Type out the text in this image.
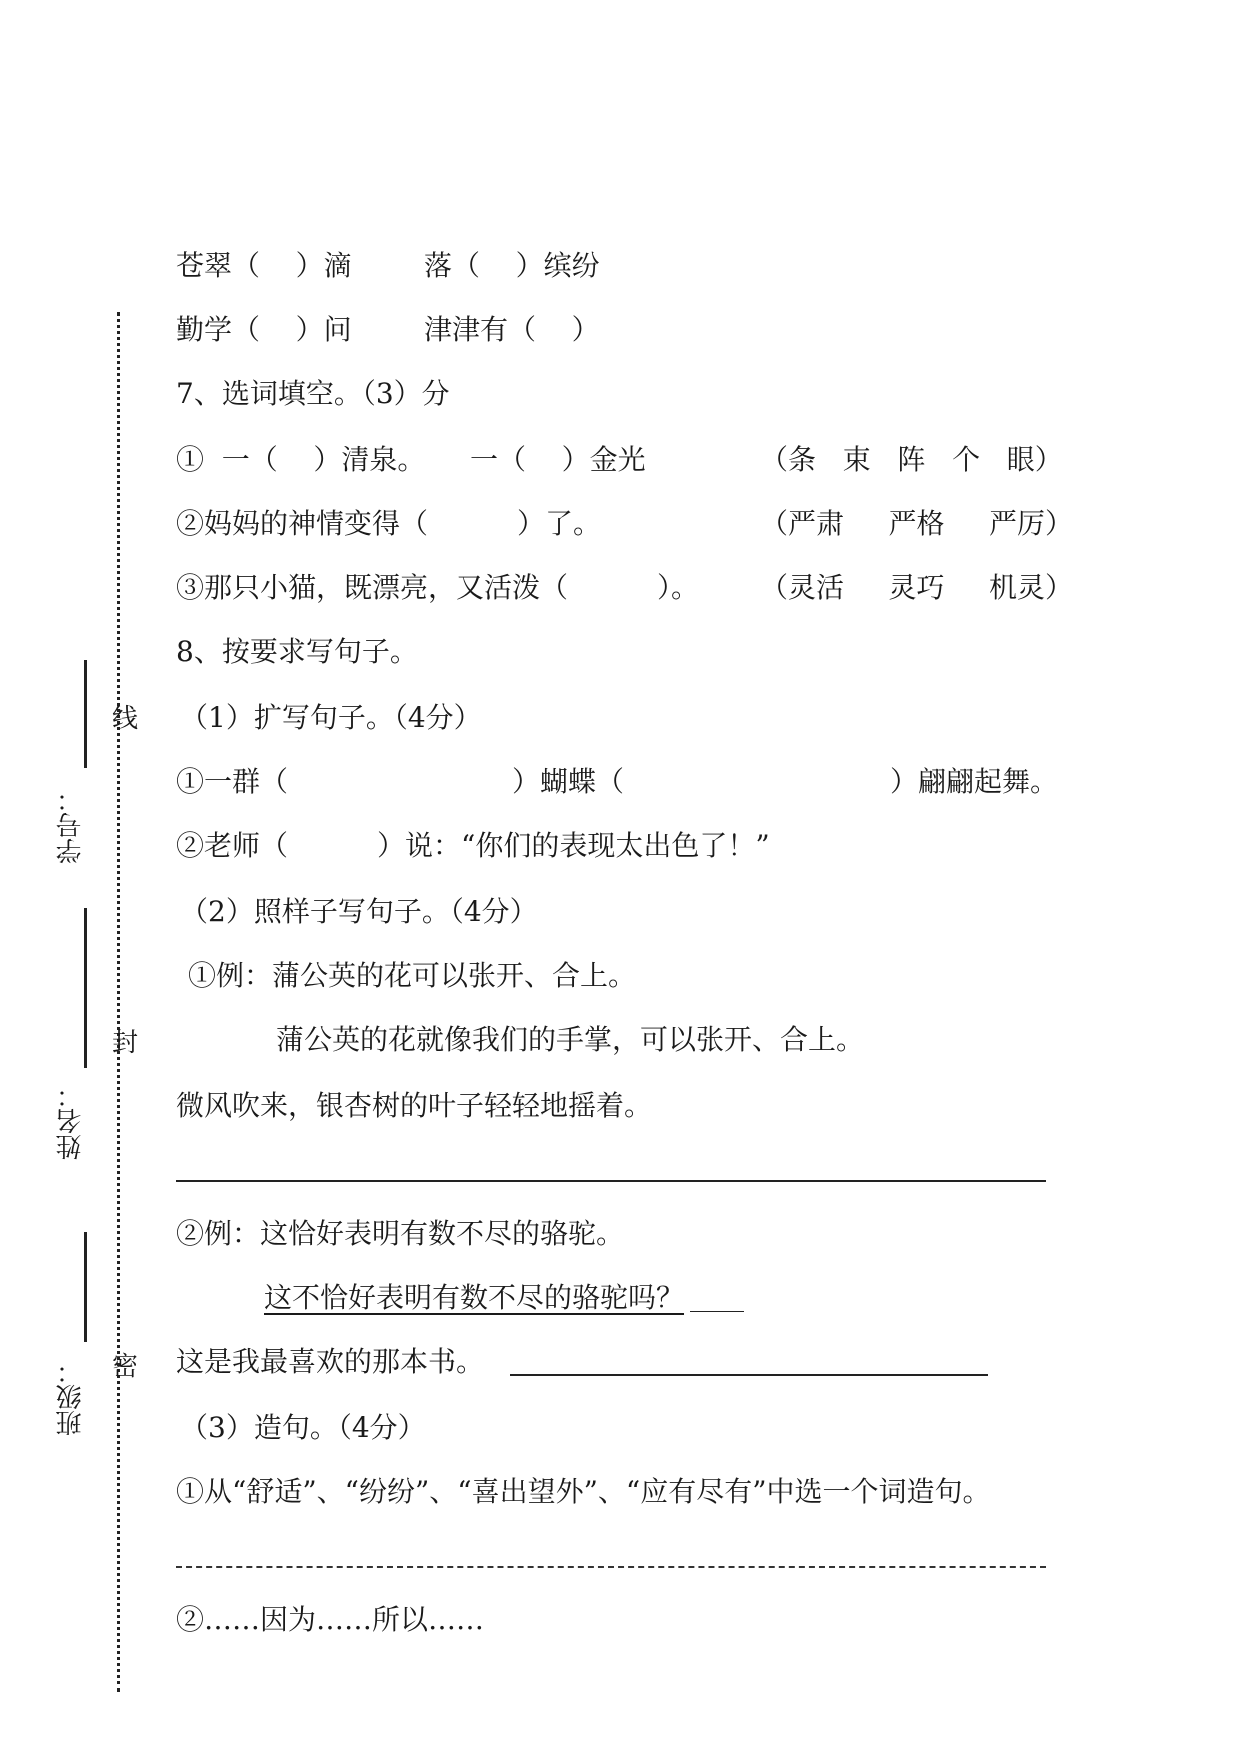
学号：
姓名：
班级：
线
封
密

苍翠（    ）滴

	落（    ）缤纷

勤学（    ）问

	津津有（    ）

7、选词填空。（3）分

①  一（    ）清泉。

一（    ）金光

	（条   束   阵   个   眼）

②妈妈的神情变得（          ）了。

	（严肃     严格     严厉）

③那只小猫，既漂亮，又活泼（          ）。

（灵活     灵巧     机灵）

8、按要求写句子。
（1）扩写句子。（4分）

①一群（

	）蝴蝶（

	）翩翩起舞。

②老师（          ）说：“你们的表现太出色了！”
（2）照样子写句子。（4分）
①例：蒲公英的花可以张开、合上。
蒲公英的花就像我们的手掌，可以张开、合上。
微风吹来，银杏树的叶子轻轻地摇着。
②例：这恰好表明有数不尽的骆驼。
这不恰好表明有数不尽的骆驼吗？
这是我最喜欢的那本书。
（3）造句。（4分）
①从“舒适”、“纷纷”、“喜出望外”、“应有尽有”中选一个词造句。
②……因为……所以……
